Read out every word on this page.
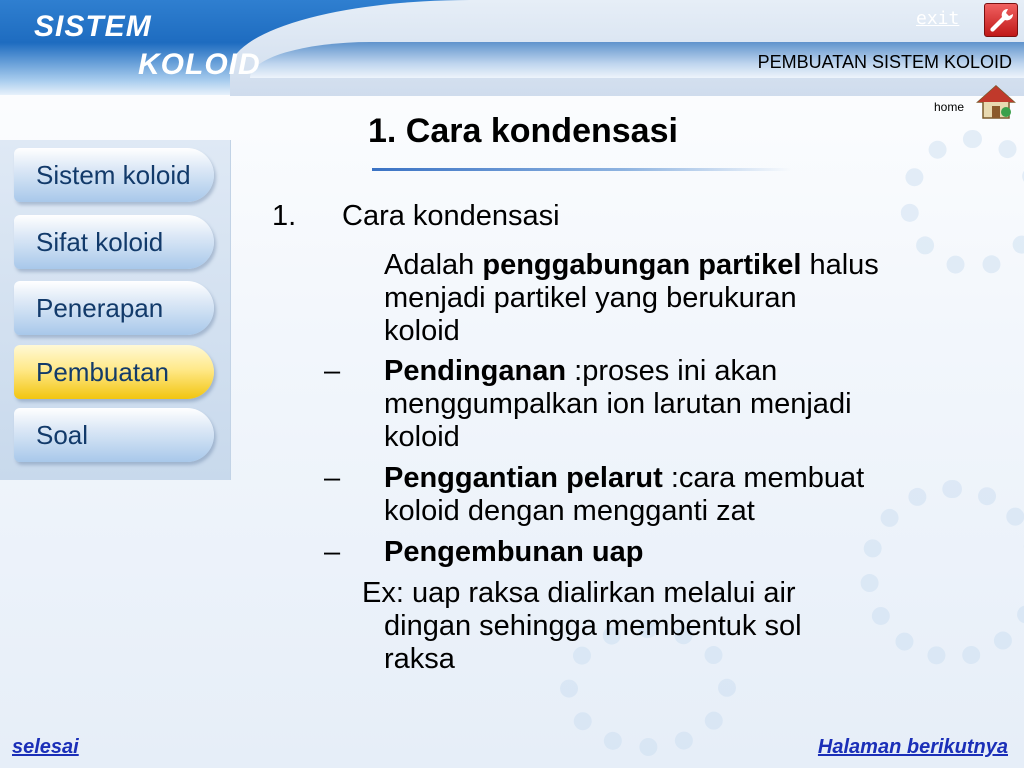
SISTEM
KOLOID
exit
PEMBUATAN SISTEM KOLOID
home
Sistem koloid
Sifat koloid
Penerapan
Pembuatan
Soal
1. Cara kondensasi
1. Cara kondensasi
Adalah penggabungan partikel halus
menjadi partikel yang berukuran
koloid
– Pendinganan :proses ini akan
menggumpalkan ion larutan menjadi
koloid
– Penggantian pelarut :cara membuat
koloid dengan mengganti zat
– Pengembunan uap
Ex: uap raksa dialirkan melalui air
dingan sehingga membentuk sol
raksa
selesai	Halaman berikutnya
